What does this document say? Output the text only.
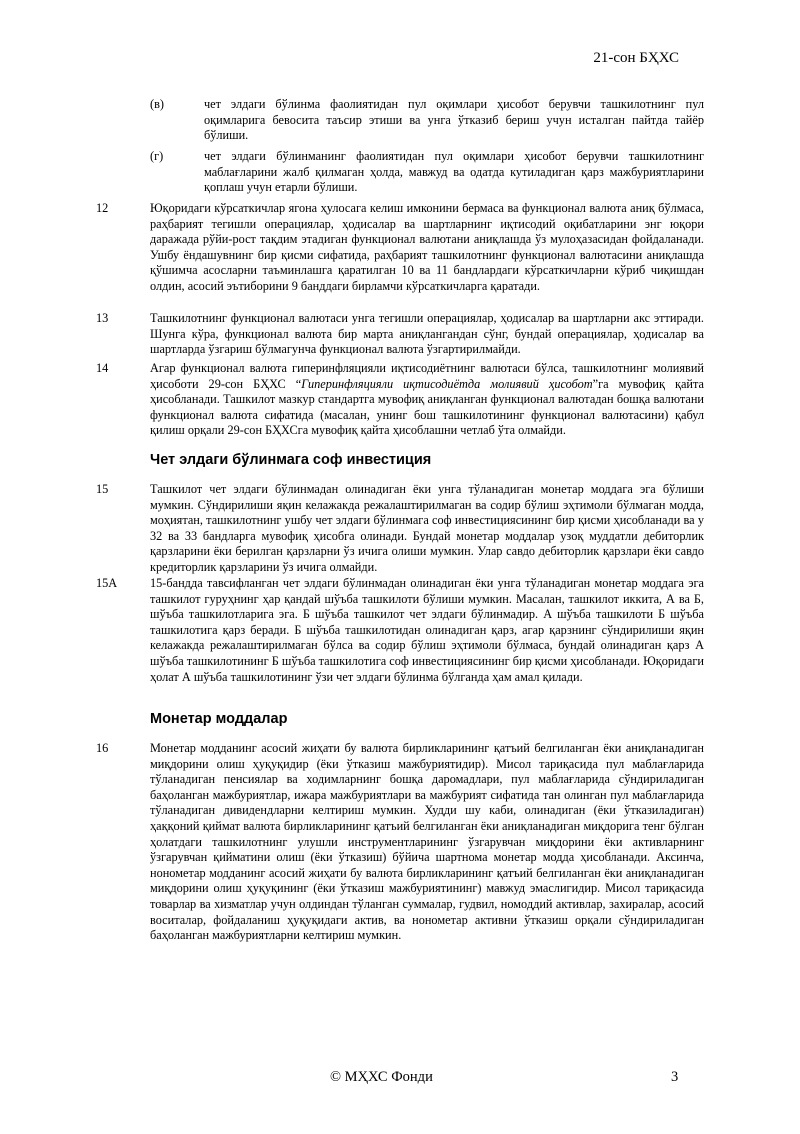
21-сон БҲХС
(в)	чет элдаги бўлинма фаолиятидан пул оқимлари ҳисобот берувчи ташкилотнинг пул оқимларига бевосита таъсир этиши ва унга ўтказиб бериш учун исталган пайтда тайёр бўлиши.
(г)	чет элдаги бўлинманинг фаолиятидан пул оқимлари ҳисобот берувчи ташкилотнинг маблағларини жалб қилмаган ҳолда, мавжуд ва одатда кутиладиган қарз мажбуриятларини қоплаш учун етарли бўлиши.
12	Юқоридаги кўрсаткичлар ягона ҳулосага келиш имконини бермаса ва функционал валюта аниқ бўлмаса, раҳбарият тегишли операциялар, ҳодисалар ва шартларнинг иқтисодий оқибатларини энг юқори даражада рўйи-рост тақдим этадиган функционал валютани аниқлашда ўз мулоҳазасидан фойдаланади. Ушбу ёндашувнинг бир қисми сифатида, раҳбарият ташкилотнинг функционал валютасини аниқлашда қўшимча асосларни таъминлашга қаратилган 10 ва 11 бандлардаги кўрсаткичларни кўриб чиқишдан олдин, асосий эътиборини 9 банддаги бирламчи кўрсаткичларга қаратади.
13	Ташкилотнинг функционал валютаси унга тегишли операциялар, ҳодисалар ва шартларни акс эттиради. Шунга кўра, функционал валюта бир марта аниқлангандан сўнг, бундай операциялар, ҳодисалар ва шартларда ўзгариш бўлмагунча функционал валюта ўзгартирилмайди.
14	Агар функционал валюта гиперинфляцияли иқтисодиётнинг валютаси бўлса, ташкилотнинг молиявий ҳисоботи 29-сон БҲХС “Гиперинфляцияли иқтисодиётда молиявий ҳисобот”га мувофиқ қайта ҳисобланади. Ташкилот мазкур стандартга мувофиқ аниқланган функционал валютадан бошқа валютани функционал валюта сифатида (масалан, унинг бош ташкилотининг функционал валютасини) қабул қилиш орқали 29-сон БҲХСга мувофиқ қайта ҳисоблашни четлаб ўта олмайди.
Чет элдаги бўлинмага соф инвестиция
15	Ташкилот чет элдаги бўлинмадан олинадиган ёки унга тўланадиган монетар моддага эга бўлиши мумкин. Сўндирилиши яқин келажакда режалаштирилмаган ва содир бўлиш эҳтимоли бўлмаган модда, моҳиятан, ташкилотнинг ушбу чет элдаги бўлинмага соф инвестициясининг бир қисми ҳисобланади ва у 32 ва 33 бандларга мувофиқ ҳисобга олинади. Бундай монетар моддалар узоқ муддатли дебиторлик қарзларини ёки берилган қарзларни ўз ичига олиши мумкин. Улар савдо дебиторлик қарзлари ёки савдо кредиторлик қарзларини ўз ичига олмайди.
15А	15-бандда тавсифланган чет элдаги бўлинмадан олинадиган ёки унга тўланадиган монетар моддага эга ташкилот гуруҳнинг ҳар қандай шўъба ташкилоти бўлиши мумкин. Масалан, ташкилот иккита, А ва Б, шўъба ташкилотларига эга. Б шўъба ташкилот чет элдаги бўлинмадир. А шўъба ташкилоти Б шўъба ташкилотига қарз беради. Б шўъба ташкилотидан олинадиган қарз, агар қарзнинг сўндирилиши яқин келажакда режалаштирилмаган бўлса ва содир бўлиш эҳтимоли бўлмаса, бундай олинадиган қарз А шўъба ташкилотининг Б шўъба ташкилотига соф инвестициясининг бир қисми ҳисобланади. Юқоридаги ҳолат А шўъба ташкилотининг ўзи чет элдаги бўлинма бўлганда ҳам амал қилади.
Монетар моддалар
16	Монетар модданинг асосий жиҳати бу валюта бирликларининг қатъий белгиланган ёки аниқланадиган миқдорини олиш ҳуқуқидир (ёки ўтказиш мажбуриятидир). Мисол тариқасида пул маблағларида тўланадиган пенсиялар ва ходимларнинг бошқа даромадлари, пул маблағларида сўндириладиган баҳоланган мажбуриятлар, ижара мажбуриятлари ва мажбурият сифатида тан олинган пул маблағларида тўланадиган дивидендларни келтириш мумкин. Худди шу каби, олинадиган (ёки ўтказиладиган) ҳаққоний қиймат валюта бирликларининг қатъий белгиланган ёки аниқланадиган миқдорига тенг бўлган ҳолатдаги ташкилотнинг улушли инструментларининг ўзгарувчан миқдорини ёки активларнинг ўзгарувчан қийматини олиш (ёки ўтказиш) бўйича шартнома монетар модда ҳисобланади. Аксинча, нонометар модданинг асосий жиҳати бу валюта бирликларининг қатъий белгиланган ёки аниқланадиган миқдорини олиш ҳуқуқининг (ёки ўтказиш мажбуриятининг) мавжуд эмаслигидир. Мисол тариқасида товарлар ва хизматлар учун олдиндан тўланган суммалар, гудвил, номоддий активлар, захиралар, асосий воситалар, фойдаланиш ҳуқуқидаги актив, ва нонометар активни ўтказиш орқали сўндириладиган баҳоланган мажбуриятларни келтириш мумкин.
© МҲХС Фонди	3
